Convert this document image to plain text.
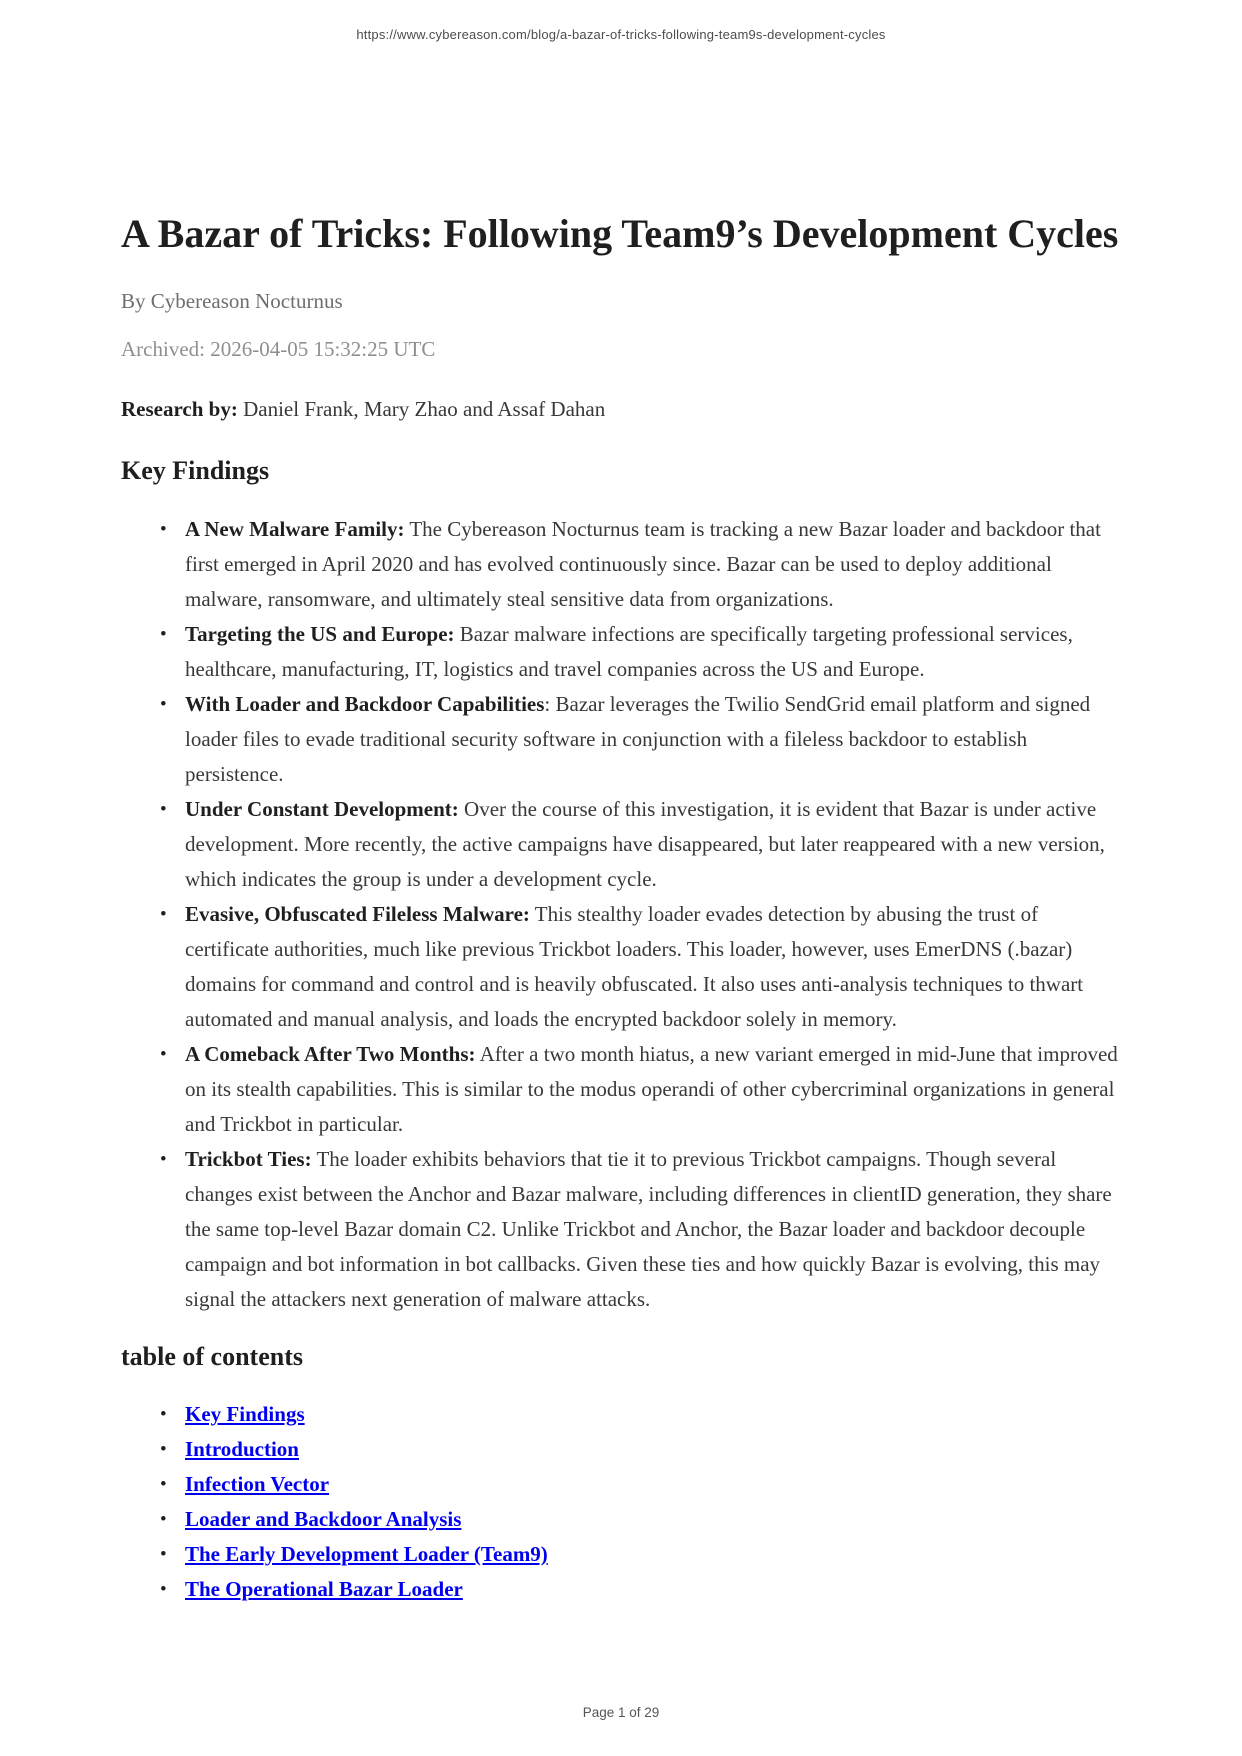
https://www.cybereason.com/blog/a-bazar-of-tricks-following-team9s-development-cycles
A Bazar of Tricks: Following Team9’s Development Cycles
By Cybereason Nocturnus
Archived: 2026-04-05 15:32:25 UTC
Research by: Daniel Frank, Mary Zhao and Assaf Dahan
Key Findings
• A New Malware Family: The Cybereason Nocturnus team is tracking a new Bazar loader and backdoor that first emerged in April 2020 and has evolved continuously since. Bazar can be used to deploy additional malware, ransomware, and ultimately steal sensitive data from organizations.
• Targeting the US and Europe: Bazar malware infections are specifically targeting professional services, healthcare, manufacturing, IT, logistics and travel companies across the US and Europe.
• With Loader and Backdoor Capabilities: Bazar leverages the Twilio SendGrid email platform and signed loader files to evade traditional security software in conjunction with a fileless backdoor to establish persistence.
• Under Constant Development: Over the course of this investigation, it is evident that Bazar is under active development. More recently, the active campaigns have disappeared, but later reappeared with a new version, which indicates the group is under a development cycle.
• Evasive, Obfuscated Fileless Malware: This stealthy loader evades detection by abusing the trust of certificate authorities, much like previous Trickbot loaders. This loader, however, uses EmerDNS (.bazar) domains for command and control and is heavily obfuscated. It also uses anti-analysis techniques to thwart automated and manual analysis, and loads the encrypted backdoor solely in memory.
• A Comeback After Two Months: After a two month hiatus, a new variant emerged in mid-June that improved on its stealth capabilities. This is similar to the modus operandi of other cybercriminal organizations in general and Trickbot in particular.
• Trickbot Ties: The loader exhibits behaviors that tie it to previous Trickbot campaigns. Though several changes exist between the Anchor and Bazar malware, including differences in clientID generation, they share the same top-level Bazar domain C2. Unlike Trickbot and Anchor, the Bazar loader and backdoor decouple campaign and bot information in bot callbacks. Given these ties and how quickly Bazar is evolving, this may signal the attackers next generation of malware attacks.
table of contents
• Key Findings
• Introduction
• Infection Vector
• Loader and Backdoor Analysis
• The Early Development Loader (Team9)
• The Operational Bazar Loader
Page 1 of 29
